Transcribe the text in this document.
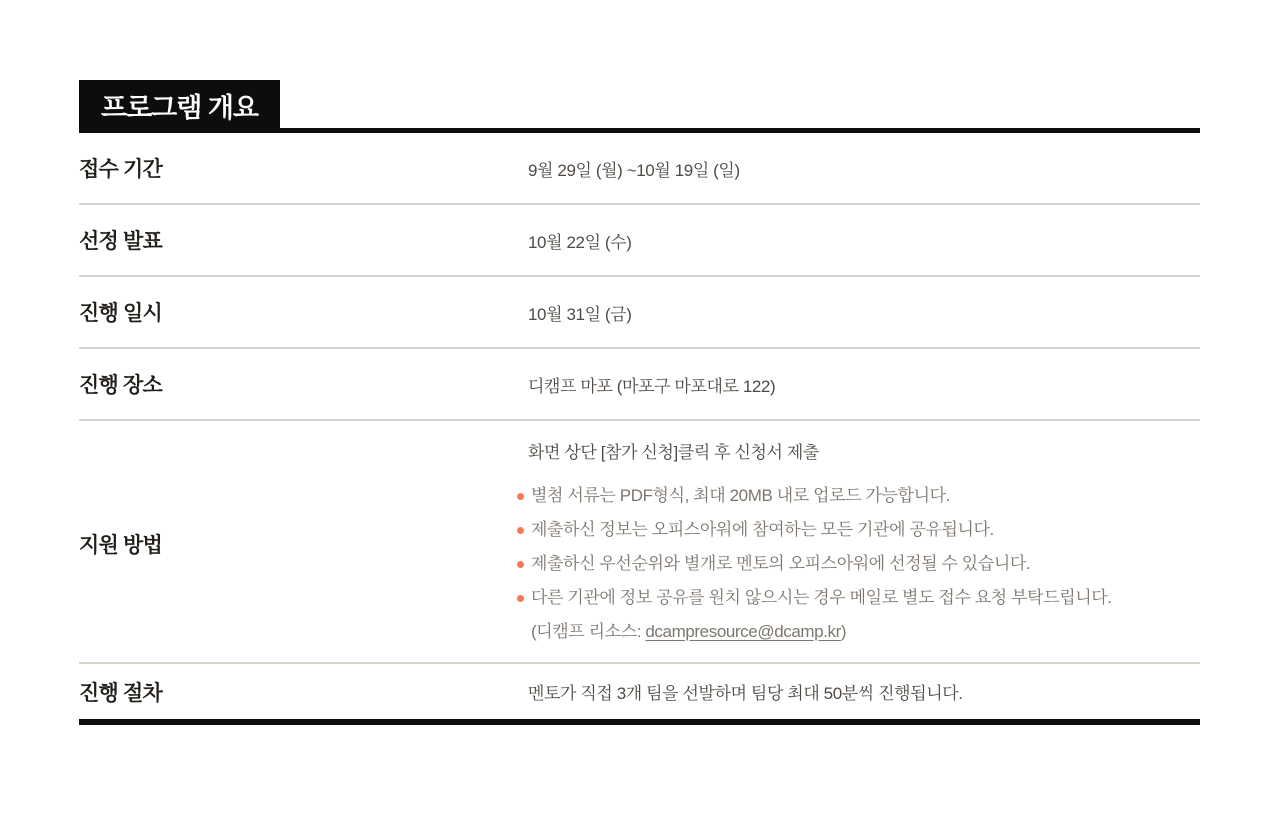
프로그램 개요
접수 기간	9월 29일 (월) ~10월 19일 (일)
선정 발표	10월 22일 (수)
진행 일시	10월 31일 (금)
진행 장소	디캠프 마포 (마포구 마포대로 122)
지원 방법
화면 상단 [참가 신청]클릭 후 신청서 제출
별첨 서류는 PDF형식, 최대 20MB 내로 업로드 가능합니다.
제출하신 정보는 오피스아워에 참여하는 모든 기관에 공유됩니다.
제출하신 우선순위와 별개로 멘토의 오피스아워에 선정될 수 있습니다.
다른 기관에 정보 공유를 원치 않으시는 경우 메일로 별도 접수 요청 부탁드립니다.
(디캠프 리소스: dcampresource@dcamp.kr)
진행 절차	멘토가 직접 3개 팀을 선발하며 팀당 최대 50분씩 진행됩니다.
